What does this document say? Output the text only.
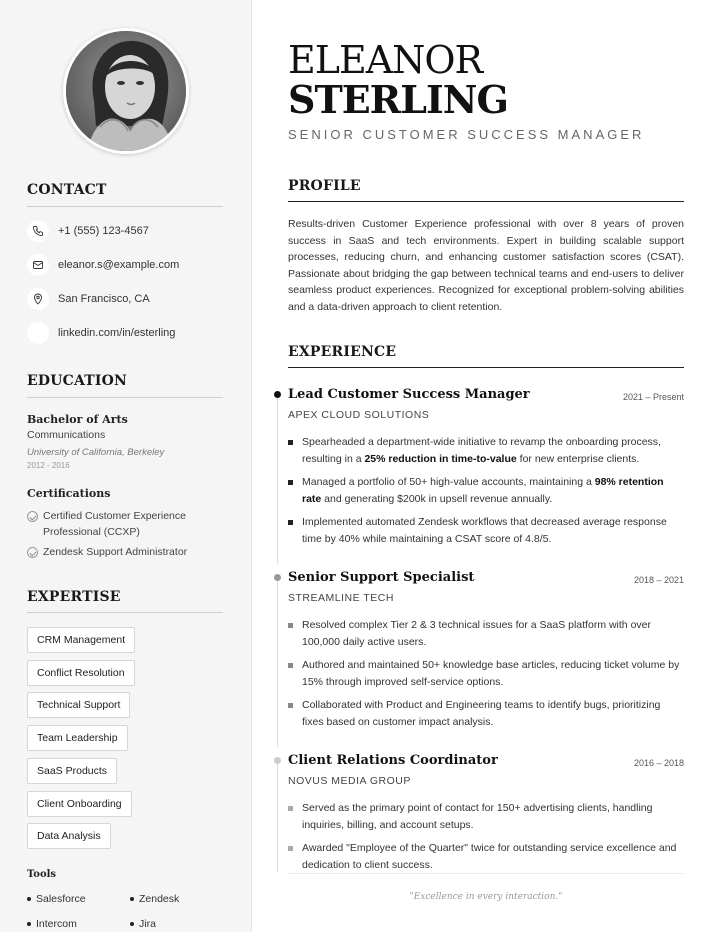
CONTACT
+1 (555) 123-4567
eleanor.s@example.com
San Francisco, CA
linkedin.com/in/esterling
EDUCATION
Bachelor of Arts
Communications
University of California, Berkeley
2012 - 2016
Certifications
Certified Customer Experience
Professional (CCXP)
Zendesk Support Administrator
EXPERTISE
CRM Management
Conflict Resolution
Technical Support
Team Leadership
SaaS Products
Client Onboarding
Data Analysis
Tools
Salesforce	Zendesk
Intercom	Jira
ELEANOR
STERLING
SENIOR CUSTOMER SUCCESS MANAGER
PROFILE
Results-driven Customer Experience professional with over 8 years of proven success in SaaS and tech environments. Expert in building scalable support processes, reducing churn, and enhancing customer satisfaction scores (CSAT). Passionate about bridging the gap between technical teams and end-users to deliver seamless product experiences. Recognized for exceptional problem-solving abilities and a data-driven approach to client retention.
EXPERIENCE
Lead Customer Success Manager	2021 – Present
APEX CLOUD SOLUTIONS
Spearheaded a department-wide initiative to revamp the onboarding process, resulting in a 25% reduction in time-to-value for new enterprise clients.
Managed a portfolio of 50+ high-value accounts, maintaining a 98% retention rate and generating $200k in upsell revenue annually.
Implemented automated Zendesk workflows that decreased average response time by 40% while maintaining a CSAT score of 4.8/5.
Senior Support Specialist	2018 – 2021
STREAMLINE TECH
Resolved complex Tier 2 & 3 technical issues for a SaaS platform with over 100,000 daily active users.
Authored and maintained 50+ knowledge base articles, reducing ticket volume by 15% through improved self-service options.
Collaborated with Product and Engineering teams to identify bugs, prioritizing fixes based on customer impact analysis.
Client Relations Coordinator	2016 – 2018
NOVUS MEDIA GROUP
Served as the primary point of contact for 150+ advertising clients, handling inquiries, billing, and account setups.
Awarded "Employee of the Quarter" twice for outstanding service excellence and dedication to client success.
"Excellence in every interaction."
